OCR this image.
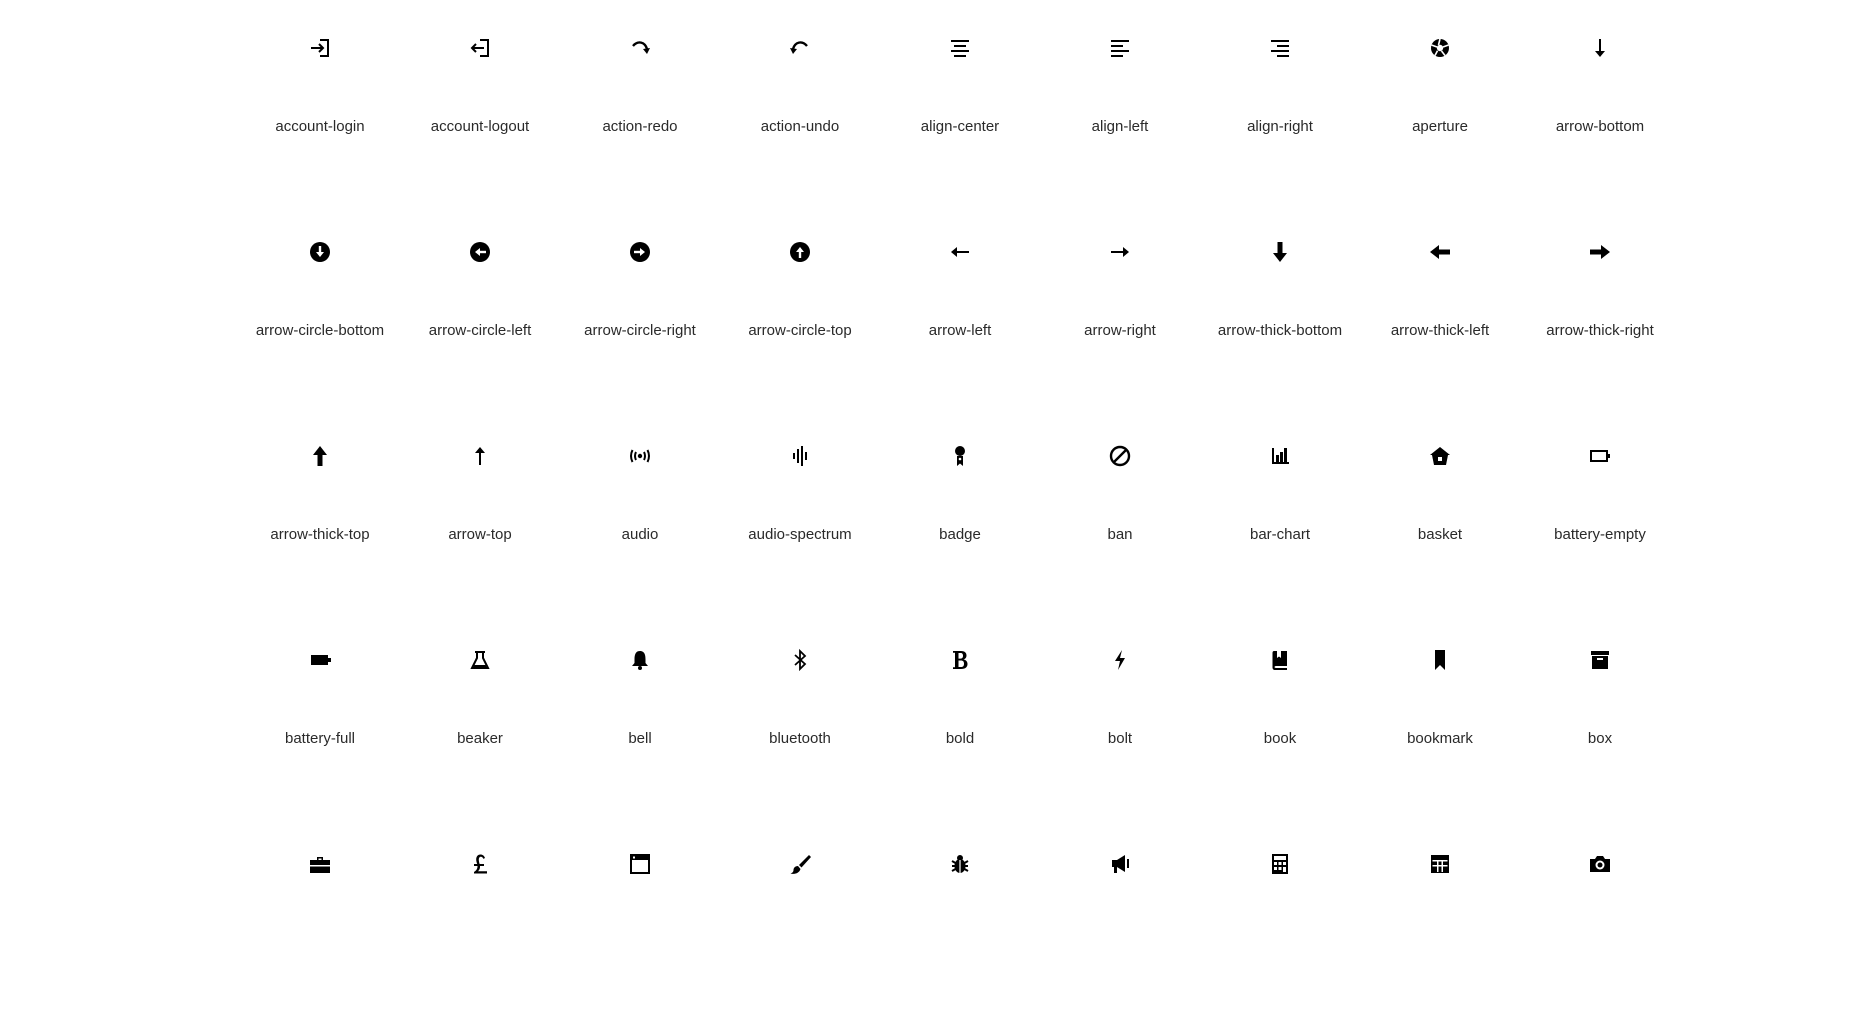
account-login	account-logout	action-redo	action-undo	align-center	align-left	align-right	aperture	arrow-bottom
arrow-circle-bottom	arrow-circle-left	arrow-circle-right	arrow-circle-top	arrow-left	arrow-right	arrow-thick-bottom	arrow-thick-left	arrow-thick-right
arrow-thick-top	arrow-top	audio	audio-spectrum	badge	ban	bar-chart	basket	battery-empty
battery-full	beaker	bell	bluetooth	bold	bolt	book	bookmark	box
